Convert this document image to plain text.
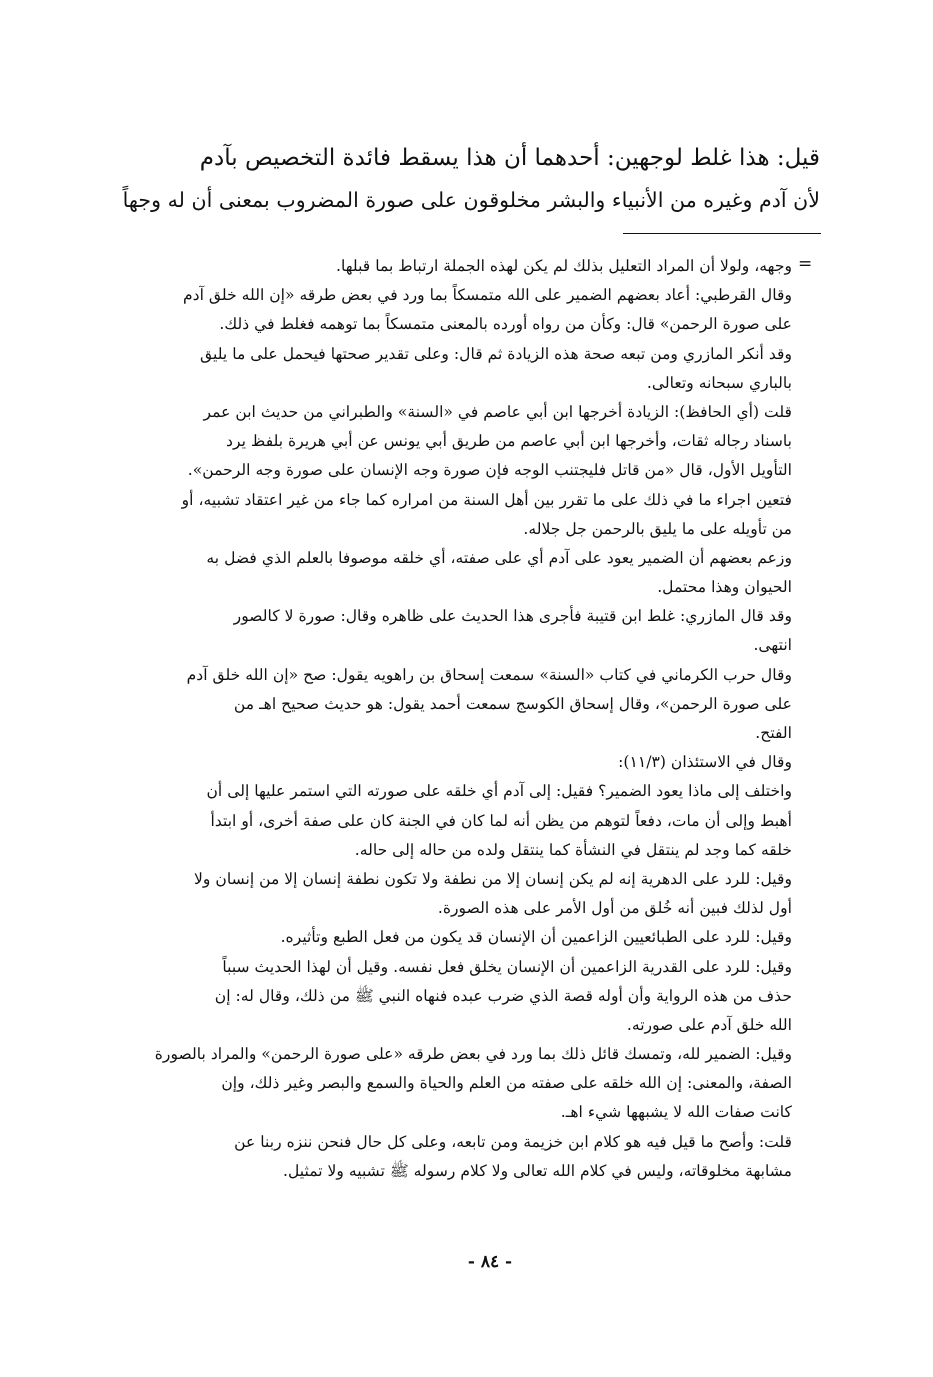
قيل: هذا غلط لوجهين: أحدهما أن هذا يسقط فائدة التخصيص بآدم

لأن آدم وغيره من الأنبياء والبشر مخلوقون على صورة المضروب بمعنى أن له وجهاً

=
وجهه، ولولا أن المراد التعليل بذلك لم يكن لهذه الجملة ارتباط بما قبلها.
وقال القرطبي: أعاد بعضهم الضمير على الله متمسكاً بما ورد في بعض طرقه «إن الله خلق آدم
على صورة الرحمن» قال: وكأن من رواه أورده بالمعنى متمسكاً بما توهمه فغلط في ذلك.
وقد أنكر المازري ومن تبعه صحة هذه الزيادة ثم قال: وعلى تقدير صحتها فيحمل على ما يليق
بالباري سبحانه وتعالى.
قلت (أي الحافظ): الزيادة أخرجها ابن أبي عاصم في «السنة» والطبراني من حديث ابن عمر
باسناد رجاله ثقات، وأخرجها ابن أبي عاصم من طريق أبي يونس عن أبي هريرة بلفظ يرد
التأويل الأول، قال «من قاتل فليجتنب الوجه فإن صورة وجه الإنسان على صورة وجه الرحمن».
فتعين اجراء ما في ذلك على ما تقرر بين أهل السنة من امراره كما جاء من غير اعتقاد تشبيه، أو
من تأويله على ما يليق بالرحمن جل جلاله.
وزعم بعضهم أن الضمير يعود على آدم أي على صفته، أي خلقه موصوفا بالعلم الذي فضل به
الحيوان وهذا محتمل.
وقد قال المازري: غلط ابن قتيبة فأجرى هذا الحديث على ظاهره وقال: صورة لا كالصور
انتهى.
وقال حرب الكرماني في كتاب «السنة» سمعت إسحاق بن راهويه يقول: صح «إن الله خلق آدم
على صورة الرحمن»، وقال إسحاق الكوسج سمعت أحمد يقول: هو حديث صحيح اهـ من
الفتح.
وقال في الاستئذان (١١/٣):
واختلف إلى ماذا يعود الضمير؟ فقيل: إلى آدم أي خلقه على صورته التي استمر عليها إلى أن
أهبط وإلى أن مات، دفعاً لتوهم من يظن أنه لما كان في الجنة كان على صفة أخرى، أو ابتدأ
خلقه كما وجد لم ينتقل في النشأة كما ينتقل ولده من حاله إلى حاله.
وقيل: للرد على الدهرية إنه لم يكن إنسان إلا من نطفة ولا تكون نطفة إنسان إلا من إنسان ولا
أول لذلك فبين أنه خُلق من أول الأمر على هذه الصورة.
وقيل: للرد على الطبائعيين الزاعمين أن الإنسان قد يكون من فعل الطبع وتأثيره.
وقيل: للرد على القدرية الزاعمين أن الإنسان يخلق فعل نفسه. وقيل أن لهذا الحديث سبباً
حذف من هذه الرواية وأن أوله قصة الذي ضرب عبده فنهاه النبي ﷺ من ذلك، وقال له: إن
الله خلق آدم على صورته.
وقيل: الضمير لله، وتمسك قائل ذلك بما ورد في بعض طرقه «على صورة الرحمن» والمراد بالصورة
الصفة، والمعنى: إن الله خلقه على صفته من العلم والحياة والسمع والبصر وغير ذلك، وإن
كانت صفات الله لا يشبهها شيء اهـ.
قلت: وأصح ما قيل فيه هو كلام ابن خزيمة ومن تابعه، وعلى كل حال فنحن ننزه ربنا عن
مشابهة مخلوقاته، وليس في كلام الله تعالى ولا كلام رسوله ﷺ تشبيه ولا تمثيل.
- ٨٤ -
